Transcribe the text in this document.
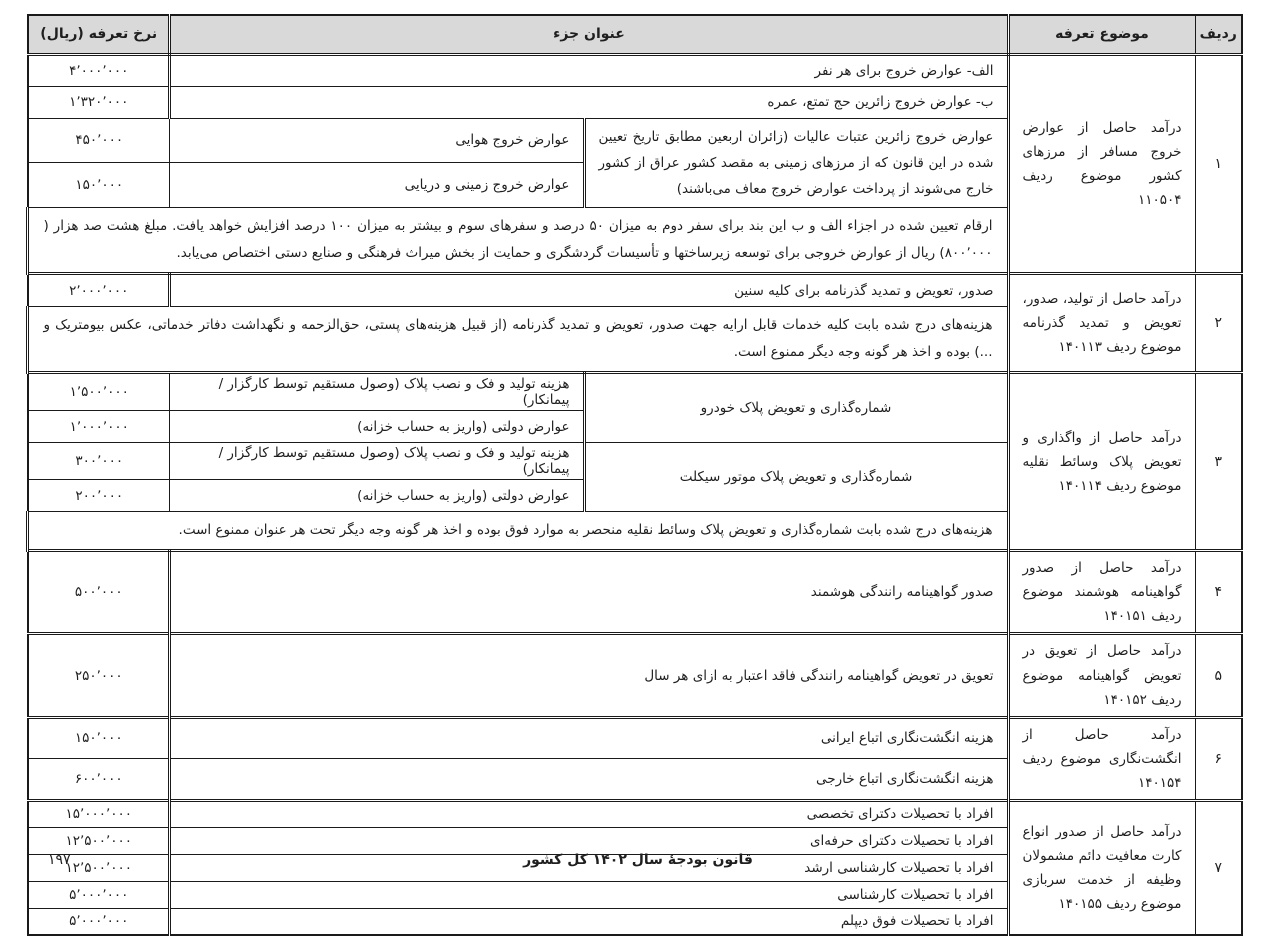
ردیف	موضوع تعرفه	عنوان جزء		نرخ تعرفه (ریال)
۱	درآمد حاصل از عوارض خروج مسافر از مرزهای کشور موضوع ردیف ۱۱۰۵۰۴	الف- عوارض خروج برای هر نفر		۴٬۰۰۰٬۰۰۰
		ب- عوارض خروج زائرین حج تمتع، عمره		۱٬۳۲۰٬۰۰۰
		عوارض خروج زائرین عتبات عالیات (زائران اربعین مطابق تاریخ تعیین شده در این قانون که از مرزهای زمینی به مقصد کشور عراق از کشور خارج می‌شوند از پرداخت عوارض خروج معاف می‌باشند)	عوارض خروج هوایی	۴۵۰٬۰۰۰
			عوارض خروج زمینی و دریایی	۱۵۰٬۰۰۰
		ارقام تعیین شده در اجزاء الف و ب این بند برای سفر دوم به میزان ۵۰ درصد و سفرهای سوم و بیشتر به میزان ۱۰۰ درصد افزایش خواهد یافت. مبلغ هشت صد هزار ( ۸۰۰٬۰۰۰) ریال از عوارض خروجی برای توسعه زیرساختها و تأسیسات گردشگری و حمایت از بخش میراث فرهنگی و صنایع دستی اختصاص می‌یابد.		
۲	درآمد حاصل از تولید، صدور، تعویض و تمدید گذرنامه موضوع ردیف ۱۴۰۱۱۳	صدور، تعویض و تمدید گذرنامه برای کلیه سنین		۲٬۰۰۰٬۰۰۰
		هزینه‌های درج شده بابت کلیه خدمات قابل ارایه جهت صدور، تعویض و تمدید گذرنامه (از قبیل هزینه‌های پستی، حق‌الزحمه و نگهداشت دفاتر خدماتی، عکس بیومتریک و ...) بوده و اخذ هر گونه وجه دیگر ممنوع است.		
۳	درآمد حاصل از واگذاری و تعویض پلاک وسائط نقلیه موضوع ردیف ۱۴۰۱۱۴	شماره‌گذاری و تعویض پلاک خودرو	هزینه تولید و فک و نصب پلاک (وصول مستقیم توسط کارگزار /پیمانکار)	۱٬۵۰۰٬۰۰۰
			عوارض دولتی (واریز به حساب خزانه)	۱٬۰۰۰٬۰۰۰
		شماره‌گذاری و تعویض پلاک موتور سیکلت	هزینه تولید و فک و نصب پلاک (وصول مستقیم توسط کارگزار /پیمانکار)	۳۰۰٬۰۰۰
			عوارض دولتی (واریز به حساب خزانه)	۲۰۰٬۰۰۰
		هزینه‌های درج شده بابت شماره‌گذاری و تعویض پلاک وسائط نقلیه منحصر به موارد فوق بوده و اخذ هر گونه وجه دیگر تحت هر عنوان ممنوع است.		
۴	درآمد حاصل از صدور گواهینامه هوشمند موضوع ردیف ۱۴۰۱۵۱	صدور گواهینامه رانندگی هوشمند		۵۰۰٬۰۰۰
۵	درآمد حاصل از تعویق در تعویض گواهینامه موضوع ردیف ۱۴۰۱۵۲	تعویق در تعویض گواهینامه رانندگی فاقد اعتبار به ازای هر سال		۲۵۰٬۰۰۰
۶	درآمد حاصل از انگشت‌نگاری موضوع ردیف ۱۴۰۱۵۴	هزینه انگشت‌نگاری اتباع ایرانی		۱۵۰٬۰۰۰
		هزینه انگشت‌نگاری اتباع خارجی		۶۰۰٬۰۰۰
۷	درآمد حاصل از صدور انواع کارت معافیت دائم مشمولان وظیفه از خدمت سربازی موضوع ردیف ۱۴۰۱۵۵	افراد با تحصیلات دکترای تخصصی		۱۵٬۰۰۰٬۰۰۰
		افراد با تحصیلات دکترای حرفه‌ای		۱۲٬۵۰۰٬۰۰۰
		افراد با تحصیلات کارشناسی ارشد		۱۲٬۵۰۰٬۰۰۰
		افراد با تحصیلات کارشناسی		۵٬۰۰۰٬۰۰۰
		افراد با تحصیلات فوق دیپلم		۵٬۰۰۰٬۰۰۰
قانون بودجۀ سال ۱۴۰۲ کل کشور
۱۹۷
